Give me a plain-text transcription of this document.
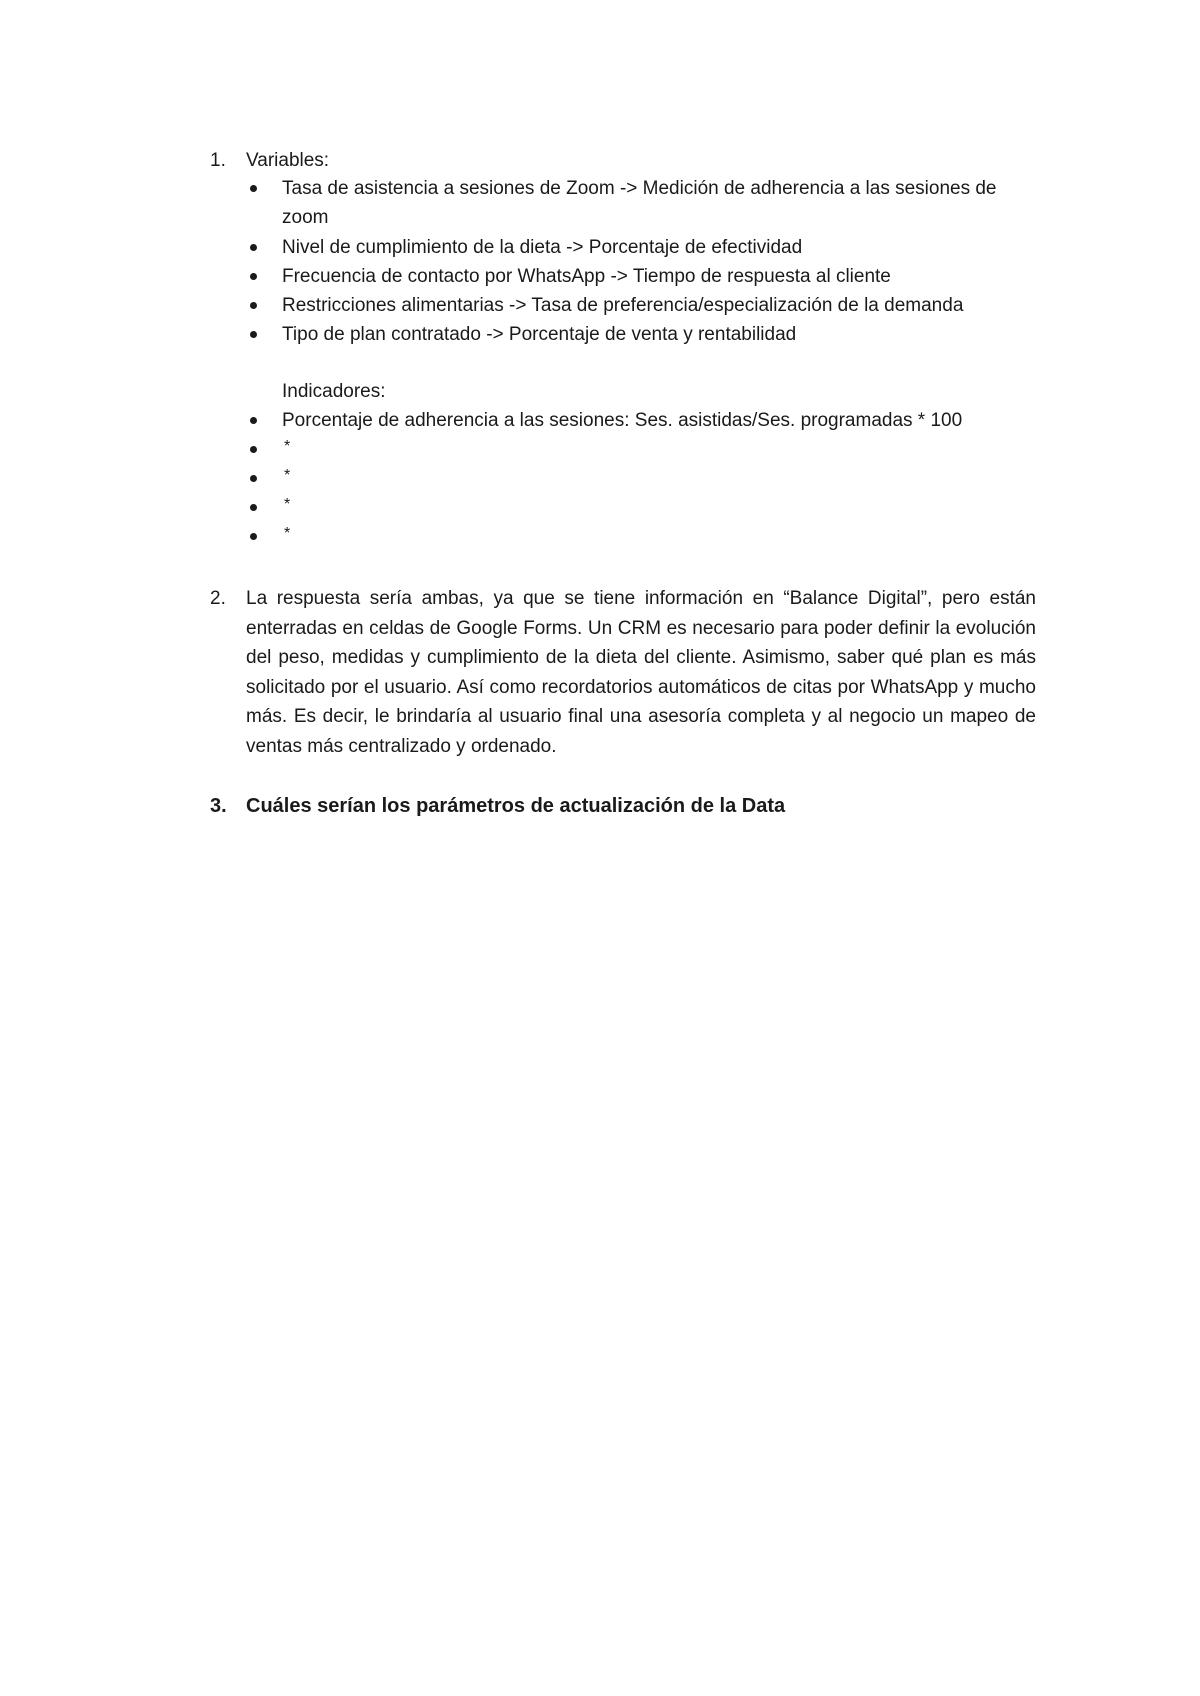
1. Variables:
Tasa de asistencia a sesiones de Zoom -> Medición de adherencia a las sesiones de
zoom
Nivel de cumplimiento de la dieta -> Porcentaje de efectividad
Frecuencia de contacto por WhatsApp -> Tiempo de respuesta al cliente
Restricciones alimentarias -> Tasa de preferencia/especialización de la demanda
Tipo de plan contratado -> Porcentaje de venta y rentabilidad
Indicadores:
Porcentaje de adherencia a las sesiones: Ses. asistidas/Ses. programadas * 100
*
*
*
*
2. La respuesta sería ambas, ya que se tiene información en “Balance Digital”, pero están enterradas en celdas de Google Forms. Un CRM es necesario para poder definir la evolución del peso, medidas y cumplimiento de la dieta del cliente. Asimismo, saber qué plan es más solicitado por el usuario. Así como recordatorios automáticos de citas por WhatsApp y mucho más. Es decir, le brindaría al usuario final una asesoría completa y al negocio un mapeo de ventas más centralizado y ordenado.
3. Cuáles serían los parámetros de actualización de la Data
